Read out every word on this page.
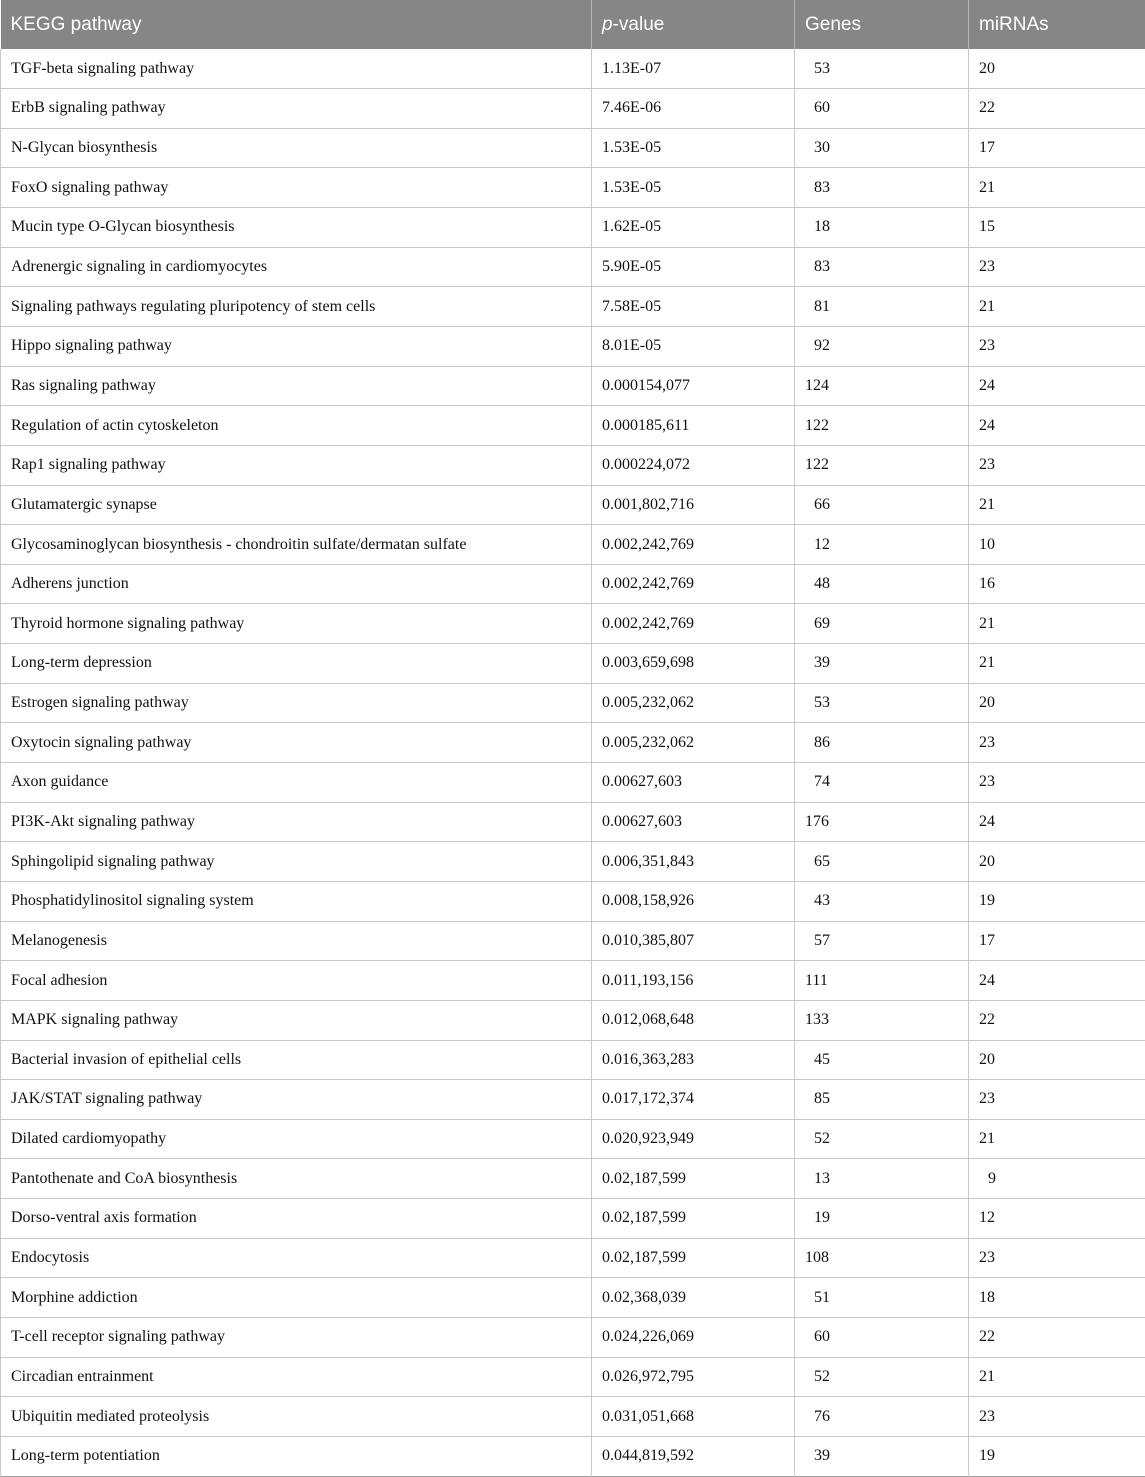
KEGG pathway	p-value	Genes	miRNAs
TGF-beta signaling pathway	1.13E-07	53	20
ErbB signaling pathway	7.46E-06	60	22
N-Glycan biosynthesis	1.53E-05	30	17
FoxO signaling pathway	1.53E-05	83	21
Mucin type O-Glycan biosynthesis	1.62E-05	18	15
Adrenergic signaling in cardiomyocytes	5.90E-05	83	23
Signaling pathways regulating pluripotency of stem cells	7.58E-05	81	21
Hippo signaling pathway	8.01E-05	92	23
Ras signaling pathway	0.000154,077	124	24
Regulation of actin cytoskeleton	0.000185,611	122	24
Rap1 signaling pathway	0.000224,072	122	23
Glutamatergic synapse	0.001,802,716	66	21
Glycosaminoglycan biosynthesis - chondroitin sulfate/dermatan sulfate	0.002,242,769	12	10
Adherens junction	0.002,242,769	48	16
Thyroid hormone signaling pathway	0.002,242,769	69	21
Long-term depression	0.003,659,698	39	21
Estrogen signaling pathway	0.005,232,062	53	20
Oxytocin signaling pathway	0.005,232,062	86	23
Axon guidance	0.00627,603	74	23
PI3K-Akt signaling pathway	0.00627,603	176	24
Sphingolipid signaling pathway	0.006,351,843	65	20
Phosphatidylinositol signaling system	0.008,158,926	43	19
Melanogenesis	0.010,385,807	57	17
Focal adhesion	0.011,193,156	111	24
MAPK signaling pathway	0.012,068,648	133	22
Bacterial invasion of epithelial cells	0.016,363,283	45	20
JAK/STAT signaling pathway	0.017,172,374	85	23
Dilated cardiomyopathy	0.020,923,949	52	21
Pantothenate and CoA biosynthesis	0.02,187,599	13	9
Dorso-ventral axis formation	0.02,187,599	19	12
Endocytosis	0.02,187,599	108	23
Morphine addiction	0.02,368,039	51	18
T-cell receptor signaling pathway	0.024,226,069	60	22
Circadian entrainment	0.026,972,795	52	21
Ubiquitin mediated proteolysis	0.031,051,668	76	23
Long-term potentiation	0.044,819,592	39	19
